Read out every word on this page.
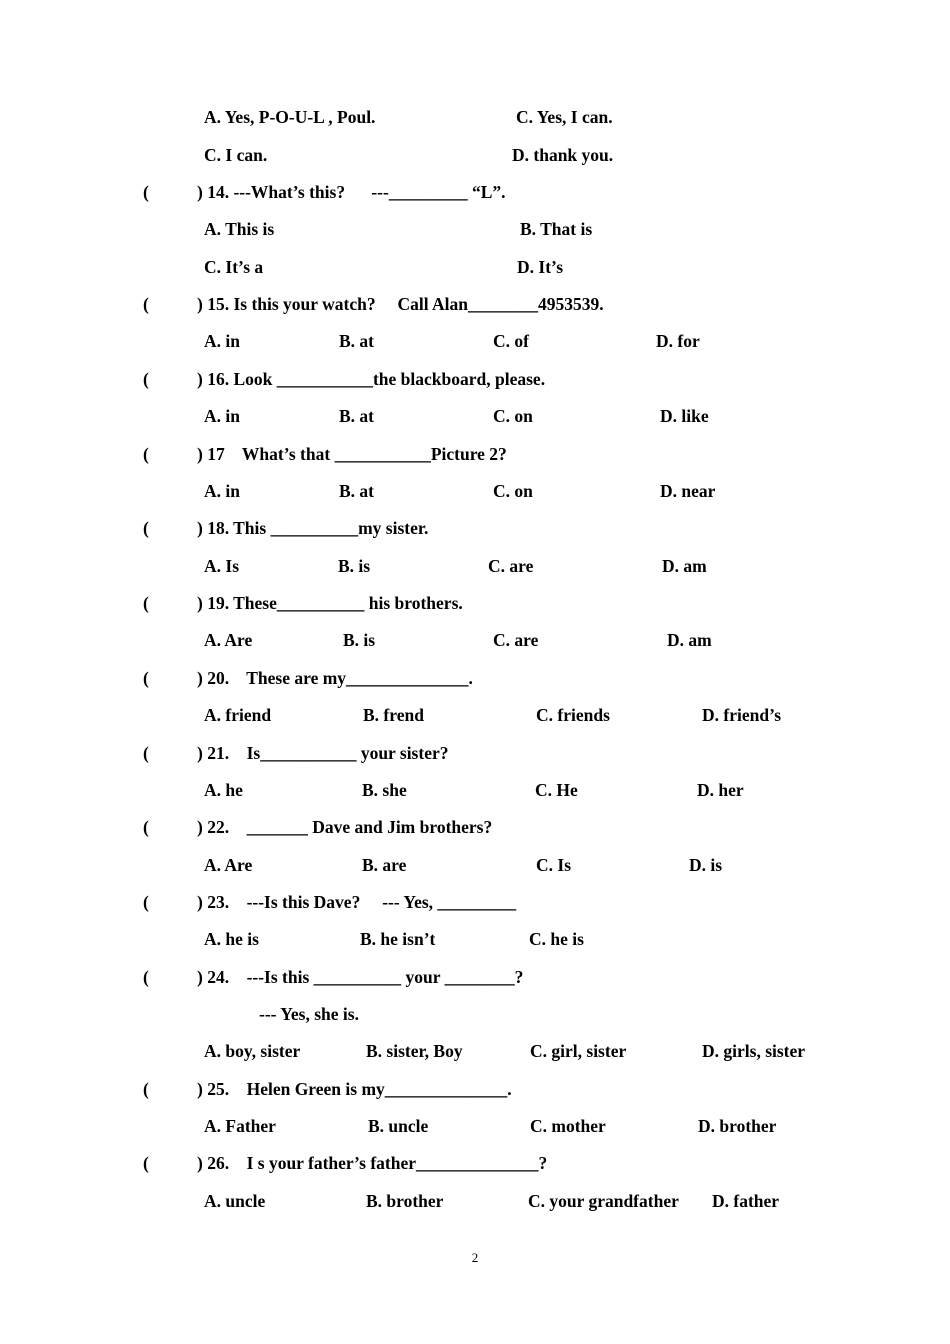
A. Yes, P-O-U-L , Poul.	C. Yes, I can.
C. I can.	D. thank you.
(	) 14. ---What’s this?      ---_________ “L”.
A. This is	B. That is
C. It’s a	D. It’s
(	) 15. Is this your watch?     Call Alan________4953539.
A. in	B. at	C. of	D. for
(	) 16. Look ___________the blackboard, please.
A. in	B. at	C. on	D. like
(	) 17    What’s that ___________Picture 2?
A. in	B. at	C. on	D. near
(	) 18. This __________my sister.
A. Is	B. is	C. are	D. am
(	) 19. These__________ his brothers.
A. Are	B. is	C. are	D. am
(	) 20.    These are my______________.
A. friend	B. frend	C. friends	D. friend’s
(	) 21.    Is___________ your sister?
A. he	B. she	C. He	D. her
(	) 22.    _______ Dave and Jim brothers?
A. Are	B. are	C. Is	D. is
(	) 23.    ---Is this Dave?     --- Yes, _________
A. he is	B. he isn’t	C. he is
(	) 24.    ---Is this __________ your ________?
--- Yes, she is.
A. boy, sister	B. sister, Boy	C. girl, sister	D. girls, sister
(	) 25.    Helen Green is my______________.
A. Father	B. uncle	C. mother	D. brother
(	) 26.    I s your father’s father______________?
A. uncle	B. brother	C. your grandfather D. father
2
